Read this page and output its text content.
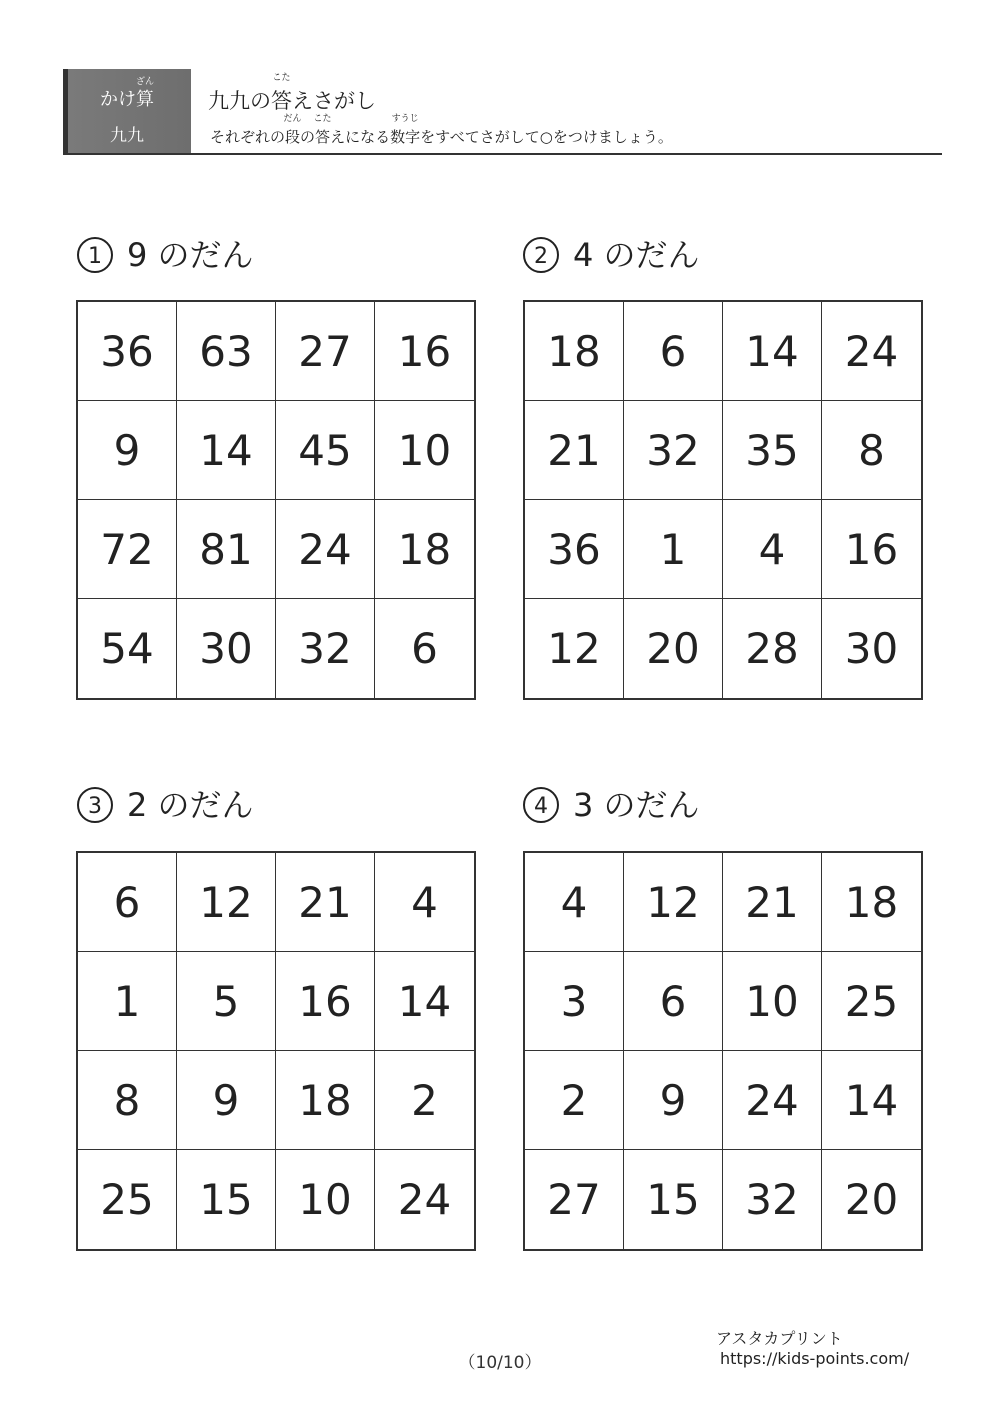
かけ
ざん
算
九九
九九の
こた
答えさがし
それぞれの
だん
段の
こた
答えになる
すうじ
数字をすべてさがして○をつけましょう。
1 9 のだん
36	63	27	16
9	14	45	10
72	81	24	18
54	30	32	6
2 4 のだん
18	6	14	24
21	32	35	8
36	1	4	16
12	20	28	30
3 2 のだん
6	12	21	4
1	5	16	14
8	9	18	2
25	15	10	24
4 3 のだん
4	12	21	18
3	6	10	25
2	9	24	14
27	15	32	20
（10/10）
アスタカプリント
https://kids-points.com/
